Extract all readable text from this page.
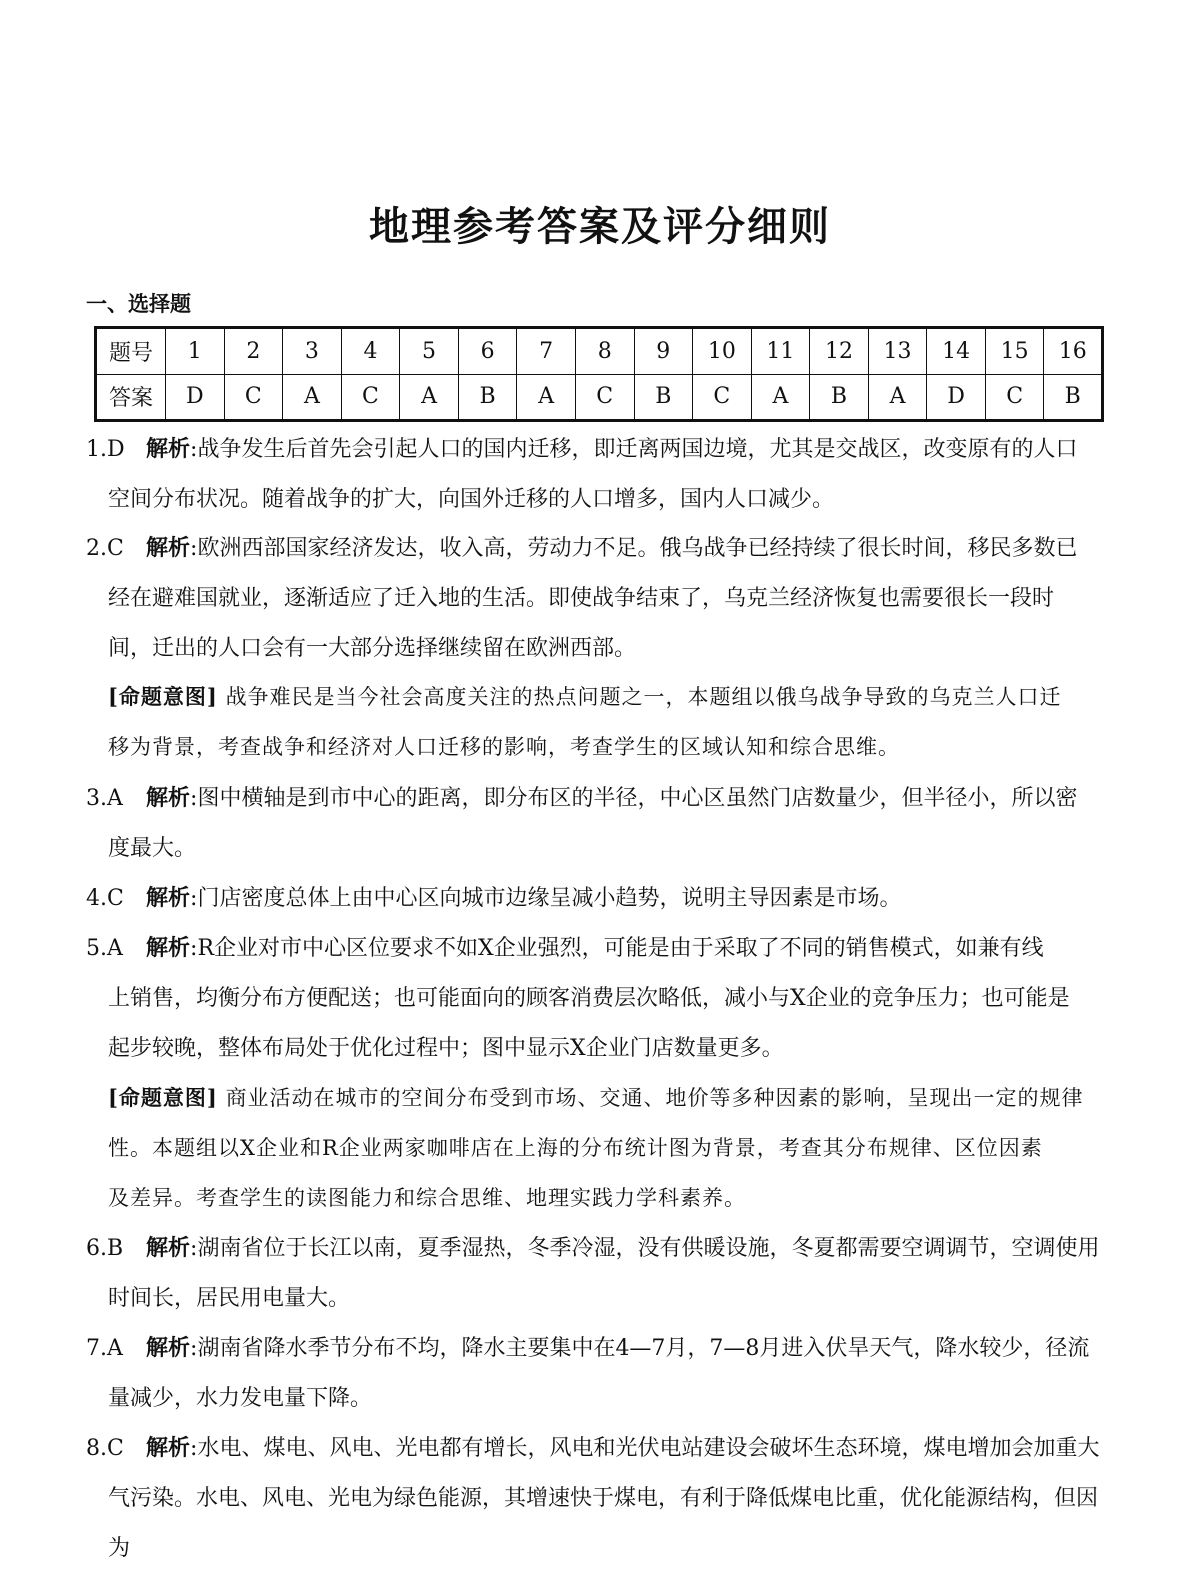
地理参考答案及评分细则
一、选择题
题号	1	2	3	4	5	6	7	8	9	10	11	12	13	14	15	16
答案	D	C	A	C	A	B	A	C	B	C	A	B	A	D	C	B
1.D 解析:战争发生后首先会引起人口的国内迁移，即迁离两国边境，尤其是交战区，改变原有的人口
空间分布状况。随着战争的扩大，向国外迁移的人口增多，国内人口减少。
2.C 解析:欧洲西部国家经济发达，收入高，劳动力不足。俄乌战争已经持续了很长时间，移民多数已
经在避难国就业，逐渐适应了迁入地的生活。即使战争结束了，乌克兰经济恢复也需要很长一段时
间，迁出的人口会有一大部分选择继续留在欧洲西部。
[命题意图] 战争难民是当今社会高度关注的热点问题之一，本题组以俄乌战争导致的乌克兰人口迁
移为背景，考查战争和经济对人口迁移的影响，考查学生的区域认知和综合思维。
3.A 解析:图中横轴是到市中心的距离，即分布区的半径，中心区虽然门店数量少，但半径小，所以密
度最大。
4.C 解析:门店密度总体上由中心区向城市边缘呈减小趋势，说明主导因素是市场。
5.A 解析:R企业对市中心区位要求不如X企业强烈，可能是由于采取了不同的销售模式，如兼有线
上销售，均衡分布方便配送；也可能面向的顾客消费层次略低，减小与X企业的竞争压力；也可能是
起步较晚，整体布局处于优化过程中；图中显示X企业门店数量更多。
[命题意图] 商业活动在城市的空间分布受到市场、交通、地价等多种因素的影响，呈现出一定的规律
性。本题组以X企业和R企业两家咖啡店在上海的分布统计图为背景，考查其分布规律、区位因素
及差异。考查学生的读图能力和综合思维、地理实践力学科素养。
6.B 解析:湖南省位于长江以南，夏季湿热，冬季冷湿，没有供暖设施，冬夏都需要空调调节，空调使用
时间长，居民用电量大。
7.A 解析:湖南省降水季节分布不均，降水主要集中在4—7月，7—8月进入伏旱天气，降水较少，径流
量减少，水力发电量下降。
8.C 解析:水电、煤电、风电、光电都有增长，风电和光伏电站建设会破坏生态环境，煤电增加会加重大
气污染。水电、风电、光电为绿色能源，其增速快于煤电，有利于降低煤电比重，优化能源结构，但因为
